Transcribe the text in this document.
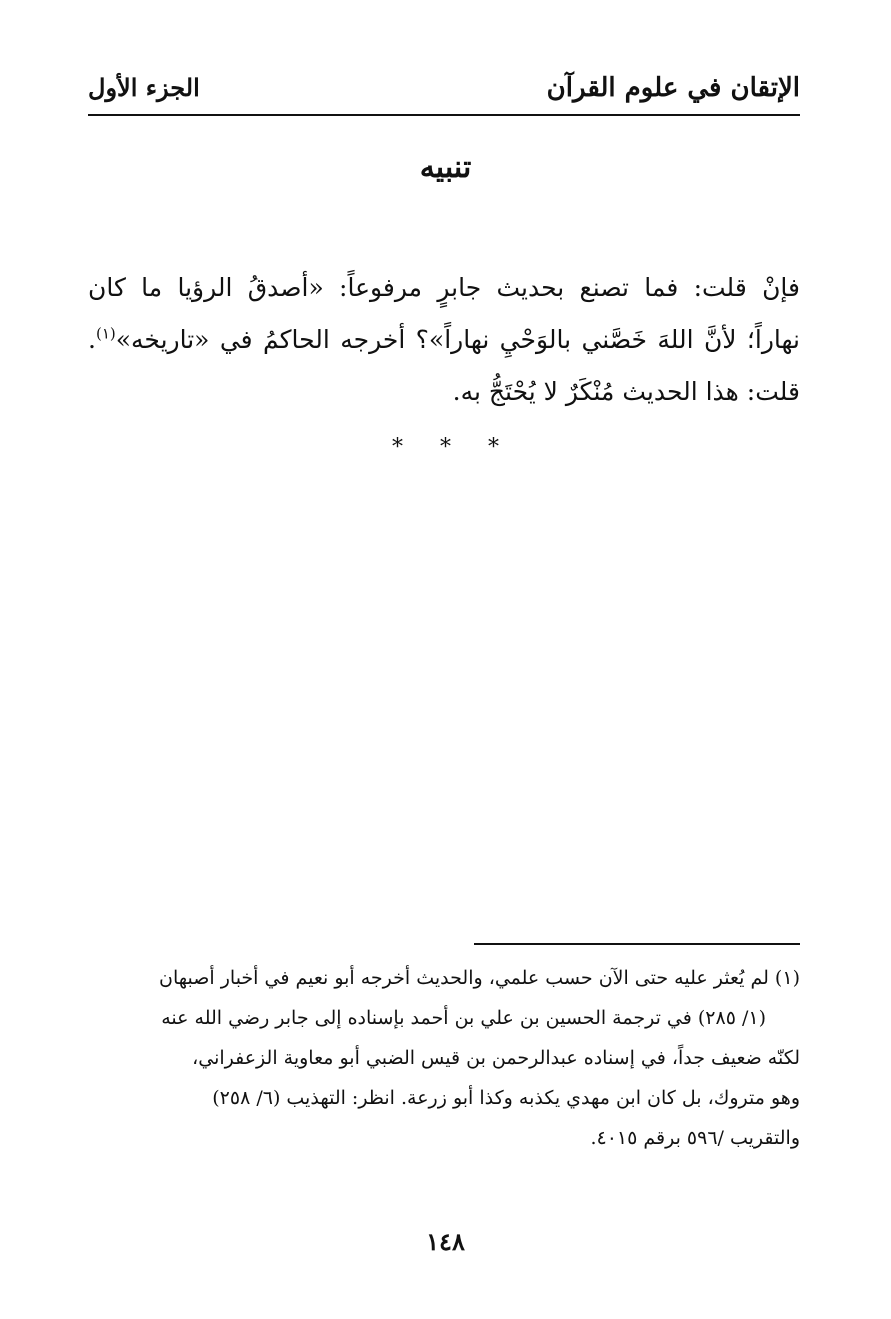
الإتقان في علوم القرآن
الجزء الأول
تنبيه
فإنْ قلت: فما تصنع بحديث جابرٍ مرفوعاً: «أصدقُ الرؤيا ما كان
نهاراً؛ لأنَّ اللهَ خَصَّني بالوَحْيِ نهاراً»؟ أخرجه الحاكمُ في «تاريخه»$^{(١)}$.
قلت: هذا الحديث مُنْكَرٌ لا يُحْتَجُّ به.
* * *
(١) لم يُعثر عليه حتى الآن حسب علمي، والحديث أخرجه أبو نعيم في أخبار أصبهان
(١/ ٢٨٥) في ترجمة الحسين بن علي بن أحمد بإسناده إلى جابر رضي الله عنه
لكنّه ضعيف جداً، في إسناده عبدالرحمن بن قيس الضبي أبو معاوية الزعفراني،
وهو متروك، بل كان ابن مهدي يكذبه وكذا أبو زرعة. انظر: التهذيب (٦/ ٢٥٨)
والتقريب /٥٩٦ برقم ٤٠١٥.
١٤٨
